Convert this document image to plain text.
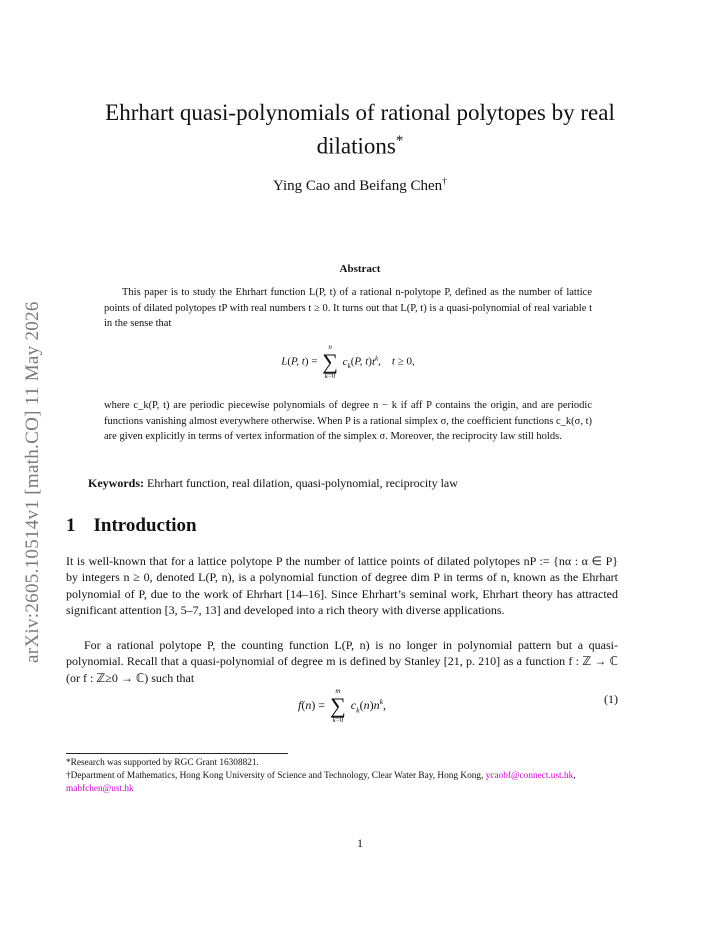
arXiv:2605.10514v1 [math.CO] 11 May 2026
Ehrhart quasi-polynomials of rational polytopes by real
dilations*
Ying Cao and Beifang Chen†
Abstract

This paper is to study the Ehrhart function L(P, t) of a rational n-polytope P, defined as the number of lattice points of dilated polytopes tP with real numbers t ≥ 0. It turns out that L(P, t) is a quasi-polynomial of real variable t in the sense that

L(P, t) =
n
∑
k=0
$c_k(P$, $t)t^k$,    t ≥ 0,

where c_k(P, t) are periodic piecewise polynomials of degree n − k if aff P contains the origin, and are periodic functions vanishing almost everywhere otherwise. When P is a rational simplex σ, the coefficient functions c_k(σ, t) are given explicitly in terms of vertex information of the simplex σ. Moreover, the reciprocity law still holds.

Keywords: Ehrhart function, real dilation, quasi-polynomial, reciprocity law
1 Introduction

It is well-known that for a lattice polytope P the number of lattice points of dilated polytopes nP := {nα : α ∈ P} by integers n ≥ 0, denoted L(P, n), is a polynomial function of degree dim P in terms of n, known as the Ehrhart polynomial of P, due to the work of Ehrhart [14–16]. Since Ehrhart’s seminal work, Ehrhart theory has attracted significant attention [3, 5–7, 13] and developed into a rich theory with diverse applications.

For a rational polytope P, the counting function L(P, n) is no longer in polynomial pattern but a quasi-polynomial. Recall that a quasi-polynomial of degree m is defined by Stanley [21, p. 210] as a function f : ℤ → ℂ (or f : ℤ≥0 → ℂ) such that

f(n) =
m
∑
k=0
$c_k(n)n^k$,	(1)

*Research was supported by RGC Grant 16308821.

†Department of Mathematics, Hong Kong University of Science and Technology, Clear Water Bay, Hong Kong, ycaobf@connect.ust.hk, mabfchen@ust.hk

1
